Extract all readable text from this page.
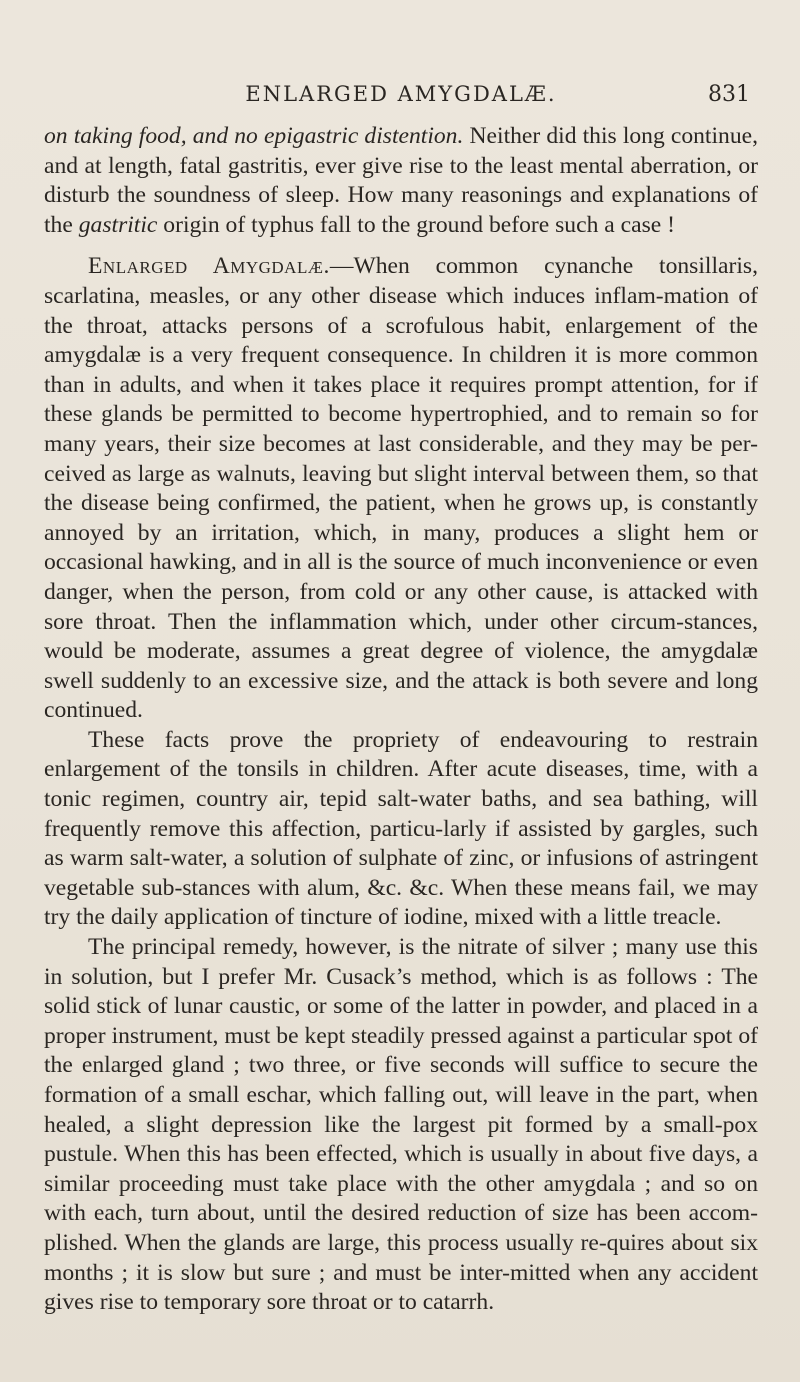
ENLARGED AMYGDALÆ.	831

on taking food, and no epigastric distention. Neither did this long continue, and at length, fatal gastritis, ever give rise to the least mental aberration, or disturb the soundness of sleep. How many reasonings and explanations of the gastritic origin of typhus fall to the ground before such a case !

Enlarged Amygdalæ.—When common cynanche tonsillaris, scarlatina, measles, or any other disease which induces inflam-mation of the throat, attacks persons of a scrofulous habit, enlargement of the amygdalæ is a very frequent consequence. In children it is more common than in adults, and when it takes place it requires prompt attention, for if these glands be permitted to become hypertrophied, and to remain so for many years, their size becomes at last considerable, and they may be per-ceived as large as walnuts, leaving but slight interval between them, so that the disease being confirmed, the patient, when he grows up, is constantly annoyed by an irritation, which, in many, produces a slight hem or occasional hawking, and in all is the source of much inconvenience or even danger, when the person, from cold or any other cause, is attacked with sore throat. Then the inflammation which, under other circum-stances, would be moderate, assumes a great degree of violence, the amygdalæ swell suddenly to an excessive size, and the attack is both severe and long continued.

These facts prove the propriety of endeavouring to restrain enlargement of the tonsils in children. After acute diseases, time, with a tonic regimen, country air, tepid salt-water baths, and sea bathing, will frequently remove this affection, particu-larly if assisted by gargles, such as warm salt-water, a solution of sulphate of zinc, or infusions of astringent vegetable sub-stances with alum, &c. &c. When these means fail, we may try the daily application of tincture of iodine, mixed with a little treacle.

The principal remedy, however, is the nitrate of silver ; many use this in solution, but I prefer Mr. Cusack’s method, which is as follows : The solid stick of lunar caustic, or some of the latter in powder, and placed in a proper instrument, must be kept steadily pressed against a particular spot of the enlarged gland ; two three, or five seconds will suffice to secure the formation of a small eschar, which falling out, will leave in the part, when healed, a slight depression like the largest pit formed by a small-pox pustule. When this has been effected, which is usually in about five days, a similar proceeding must take place with the other amygdala ; and so on with each, turn about, until the desired reduction of size has been accom-plished. When the glands are large, this process usually re-quires about six months ; it is slow but sure ; and must be inter-mitted when any accident gives rise to temporary sore throat or to catarrh.
